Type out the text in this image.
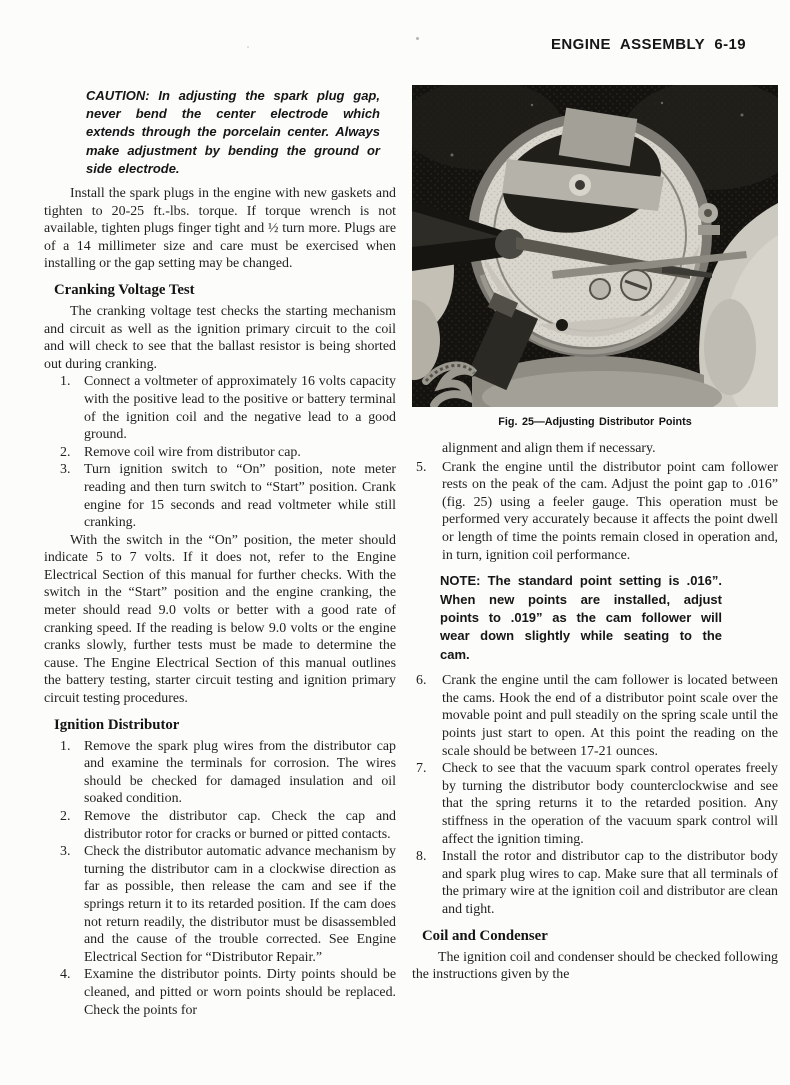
ENGINE ASSEMBLY 6-19

CAUTION: In adjusting the spark plug gap, never bend the center electrode which extends through the porcelain center. Always make adjustment by bending the ground or side electrode.

Install the spark plugs in the engine with new gaskets and tighten to 20-25 ft.-lbs. torque. If torque wrench is not available, tighten plugs finger tight and ½ turn more. Plugs are of a 14 millimeter size and care must be exercised when installing or the gap setting may be changed.

Cranking Voltage Test

The cranking voltage test checks the starting mechanism and circuit as well as the ignition primary circuit to the coil and will check to see that the ballast resistor is being shorted out during cranking.

1. Connect a voltmeter of approximately 16 volts capacity with the positive lead to the positive or battery terminal of the ignition coil and the negative lead to a good ground.
2. Remove coil wire from distributor cap.
3. Turn ignition switch to “On” position, note meter reading and then turn switch to “Start” position. Crank engine for 15 seconds and read voltmeter while still cranking.

With the switch in the “On” position, the meter should indicate 5 to 7 volts. If it does not, refer to the Engine Electrical Section of this manual for further checks. With the switch in the “Start” position and the engine cranking, the meter should read 9.0 volts or better with a good rate of cranking speed. If the reading is below 9.0 volts or the engine cranks slowly, further tests must be made to determine the cause. The Engine Electrical Section of this manual outlines the battery testing, starter circuit testing and ignition primary circuit testing procedures.

Ignition Distributor
1. Remove the spark plug wires from the distributor cap and examine the terminals for corrosion. The wires should be checked for damaged insulation and oil soaked condition.
2. Remove the distributor cap. Check the cap and distributor rotor for cracks or burned or pitted contacts.
3. Check the distributor automatic advance mechanism by turning the distributor cam in a clockwise direction as far as possible, then release the cam and see if the springs return it to its retarded position. If the cam does not return readily, the distributor must be disassembled and the cause of the trouble corrected. See Engine Electrical Section for “Distributor Repair.”
4. Examine the distributor points. Dirty points should be cleaned, and pitted or worn points should be replaced. Check the points for
Fig. 25—Adjusting Distributor Points

alignment and align them if necessary.

5. Crank the engine until the distributor point cam follower rests on the peak of the cam. Adjust the point gap to .016” (fig. 25) using a feeler gauge. This operation must be performed very accurately because it affects the point dwell or length of time the points remain closed in operation and, in turn, ignition coil performance.

NOTE: The standard point setting is .016”. When new points are installed, adjust points to .019” as the cam follower will wear down slightly while seating to the cam.

6. Crank the engine until the cam follower is located between the cams. Hook the end of a distributor point scale over the movable point and pull steadily on the spring scale until the points just start to open. At this point the reading on the scale should be between 17-21 ounces.
7. Check to see that the vacuum spark control operates freely by turning the distributor body counterclockwise and see that the spring returns it to the retarded position. Any stiffness in the operation of the vacuum spark control will affect the ignition timing.
8. Install the rotor and distributor cap to the distributor body and spark plug wires to cap. Make sure that all terminals of the primary wire at the ignition coil and distributor are clean and tight.
Coil and Condenser

The ignition coil and condenser should be checked following the instructions given by the
